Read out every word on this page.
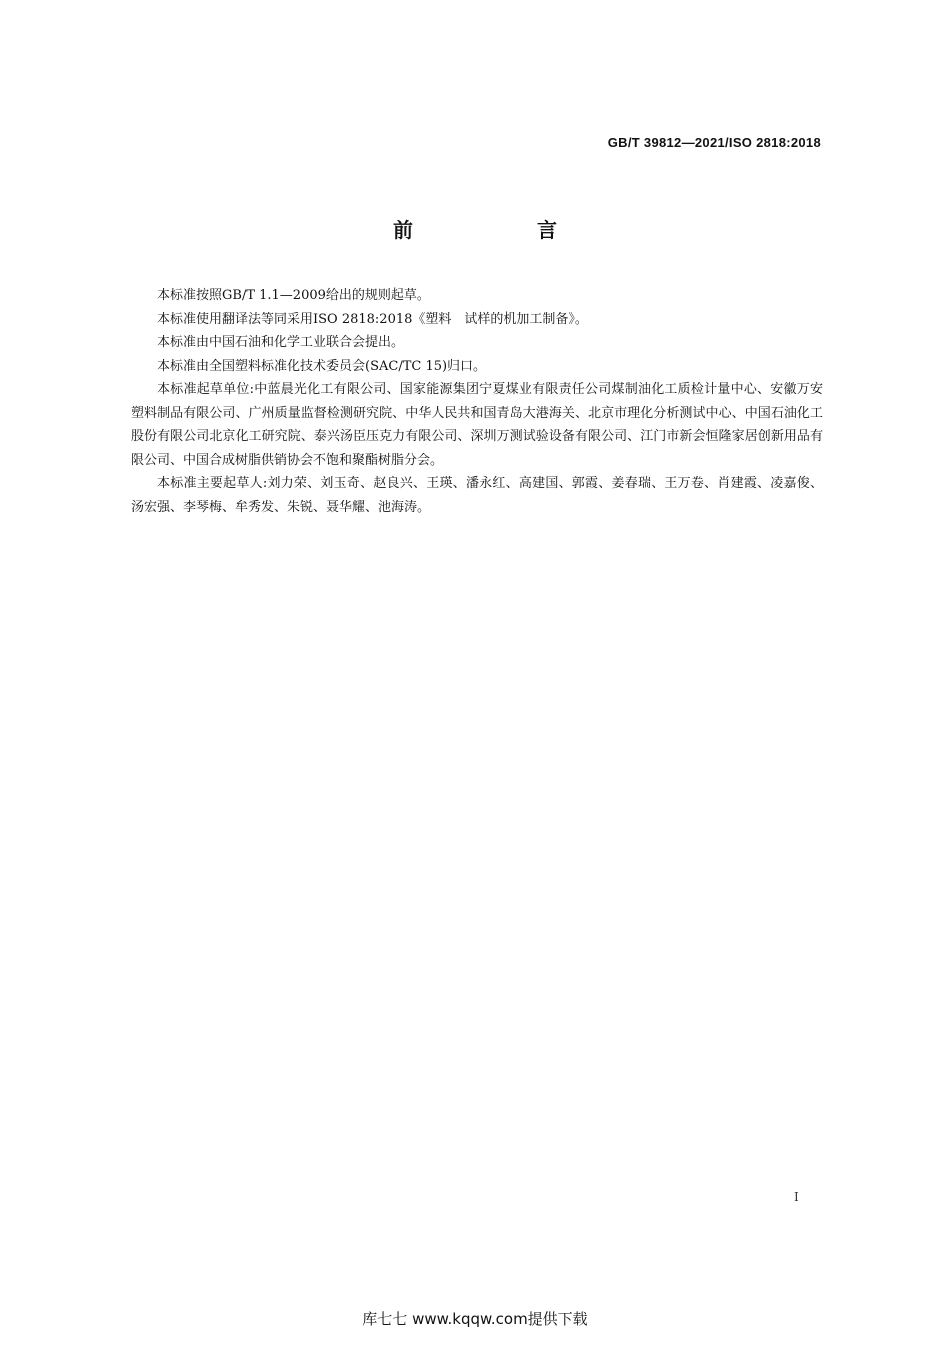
GB/T 39812—2021/ISO 2818:2018
前　言

本标准按照GB/T 1.1—2009给出的规则起草。

本标准使用翻译法等同采用ISO 2818:2018《塑料　试样的机加工制备》。

本标准由中国石油和化学工业联合会提出。

本标准由全国塑料标准化技术委员会(SAC/TC 15)归口。

本标准起草单位:中蓝晨光化工有限公司、国家能源集团宁夏煤业有限责任公司煤制油化工质检计量中心、安徽万安塑料制品有限公司、广州质量监督检测研究院、中华人民共和国青岛大港海关、北京市理化分析测试中心、中国石油化工股份有限公司北京化工研究院、泰兴汤臣压克力有限公司、深圳万测试验设备有限公司、江门市新会恒隆家居创新用品有限公司、中国合成树脂供销协会不饱和聚酯树脂分会。

本标准主要起草人:刘力荣、刘玉奇、赵良兴、王瑛、潘永红、高建国、郭霞、姜春瑞、王万卷、肖建霞、凌嘉俊、汤宏强、李琴梅、牟秀发、朱锐、聂华耀、池海涛。

I
库七七 www.kqqw.com提供下载
